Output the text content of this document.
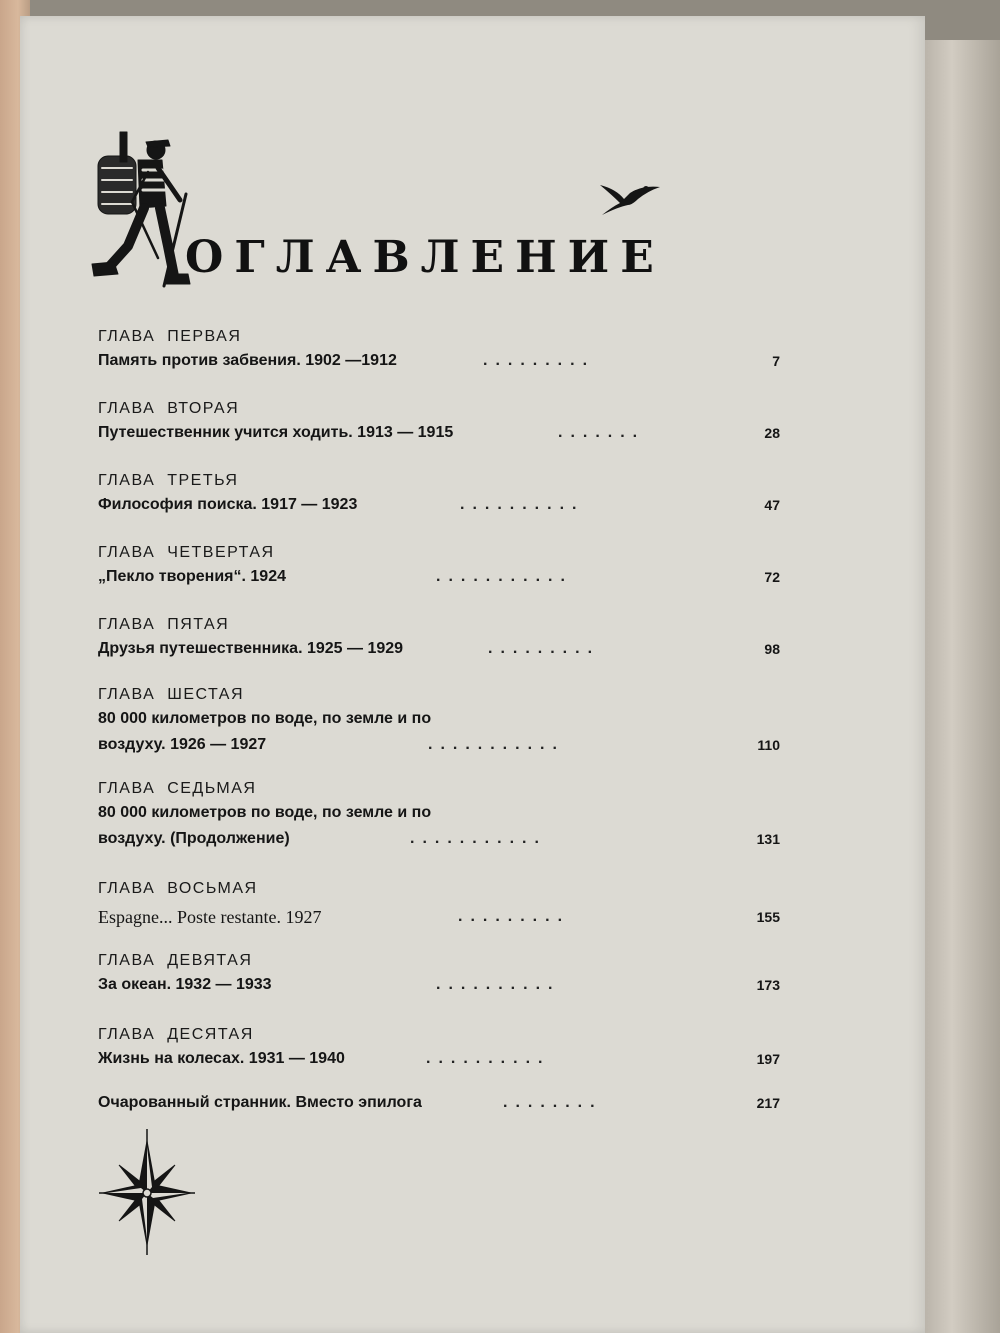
ОГЛАВЛЕНИЕ
ГЛАВА ПЕРВАЯ
Память против забвения. 1902 —1912	.........	7
ГЛАВА ВТОРАЯ
Путешественник учится ходить. 1913 — 1915	.......	28
ГЛАВА ТРЕТЬЯ
Философия поиска. 1917 — 1923	..........	47
ГЛАВА ЧЕТВЕРТАЯ
„Пекло творения“. 1924	...........	72
ГЛАВА ПЯТАЯ
Друзья путешественника. 1925 — 1929	.........	98
ГЛАВА ШЕСТАЯ
80 000 километров по воде, по земле и по
воздуху. 1926 — 1927	...........	110
ГЛАВА СЕДЬМАЯ
80 000 километров по воде, по земле и по
воздуху. (Продолжение)	...........	131
ГЛАВА ВОСЬМАЯ
Espagne... Poste restante. 1927	.........	155
ГЛАВА ДЕВЯТАЯ
За океан. 1932 — 1933	..........	173
ГЛАВА ДЕСЯТАЯ
Жизнь на колесах. 1931 — 1940	..........	197
Очарованный странник. Вместо эпилога	........	217
